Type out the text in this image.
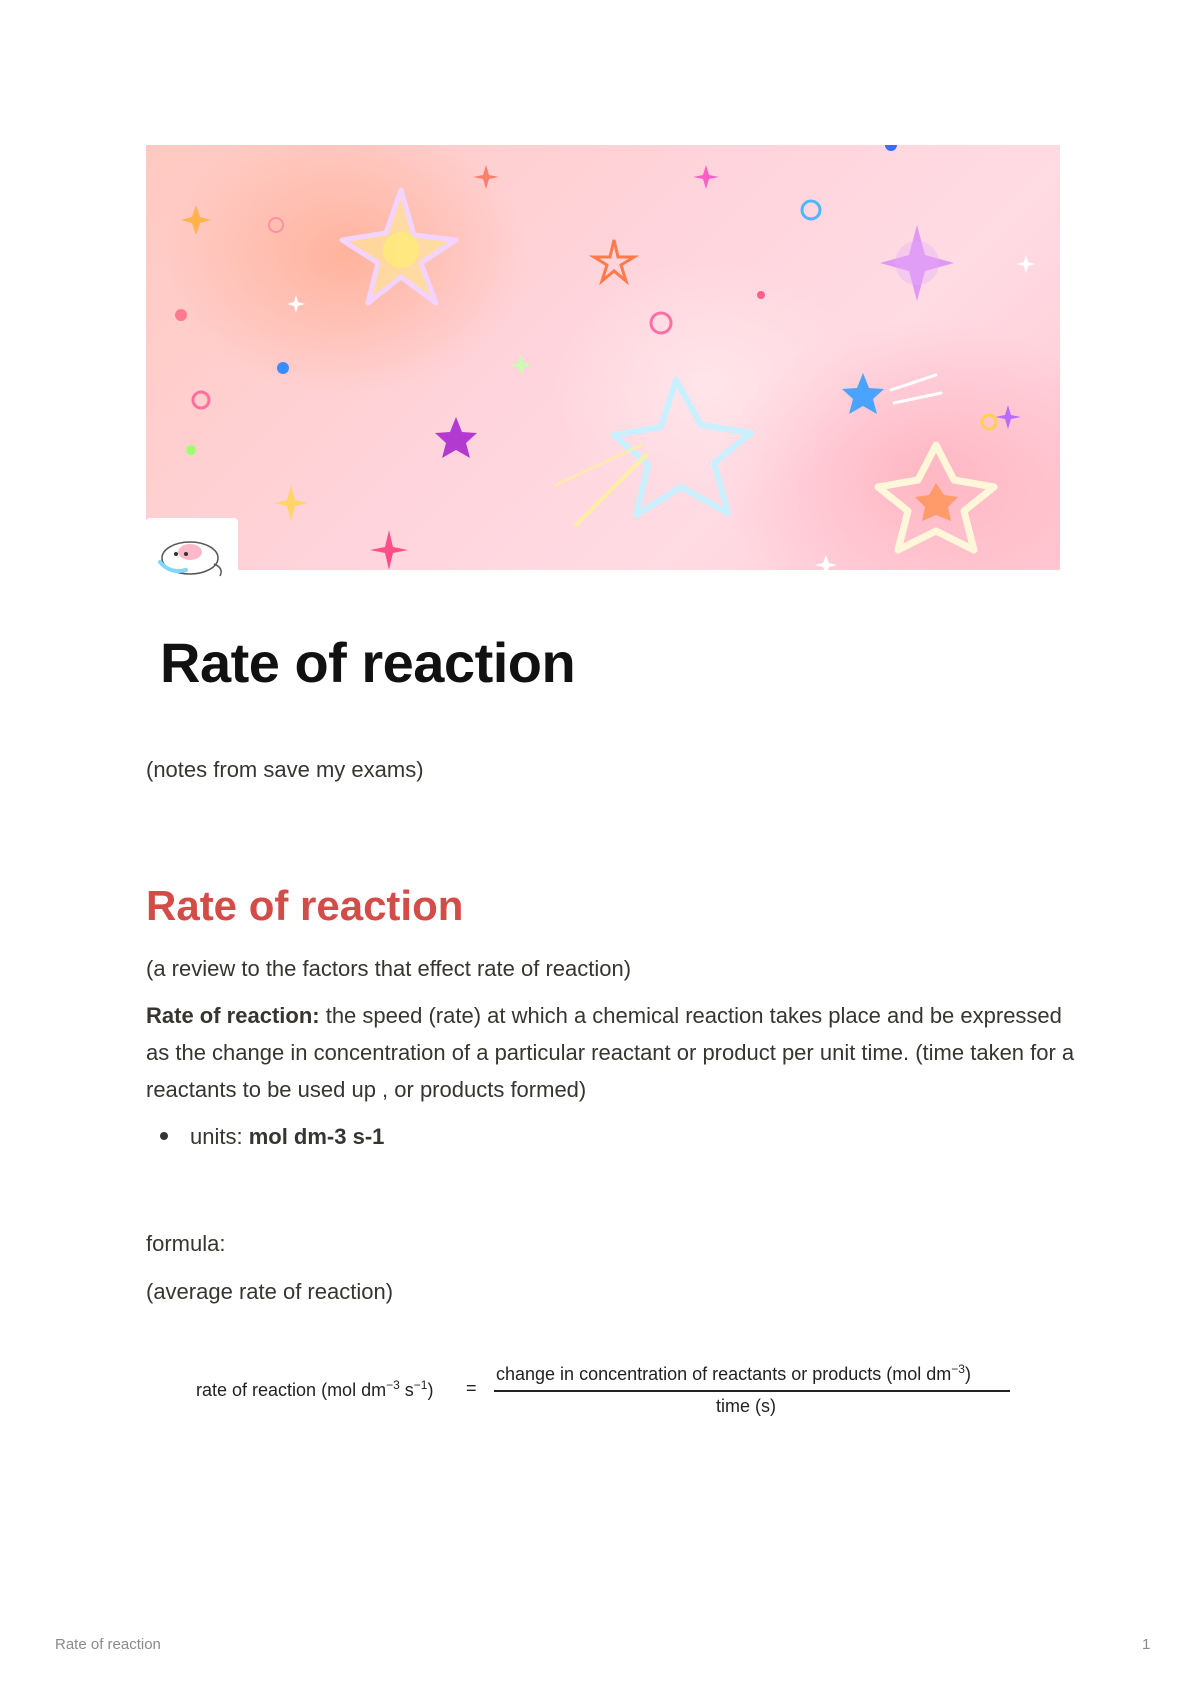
Rate of reaction
(notes from save my exams)
Rate of reaction
(a review to the factors that effect rate of reaction)
Rate of reaction: the speed (rate) at which a chemical reaction takes place and be expressed as the change in concentration of a particular reactant or product per unit time. (time taken for a reactants to be used up , or products formed)
units: mol dm-3 s-1
formula:
(average rate of reaction)
rate of reaction (mol $dm^{-3}$ $s^{-1}$) =
change in concentration of reactants or products (mol $dm^{-3}$)
time (s)
Rate of reaction	1
